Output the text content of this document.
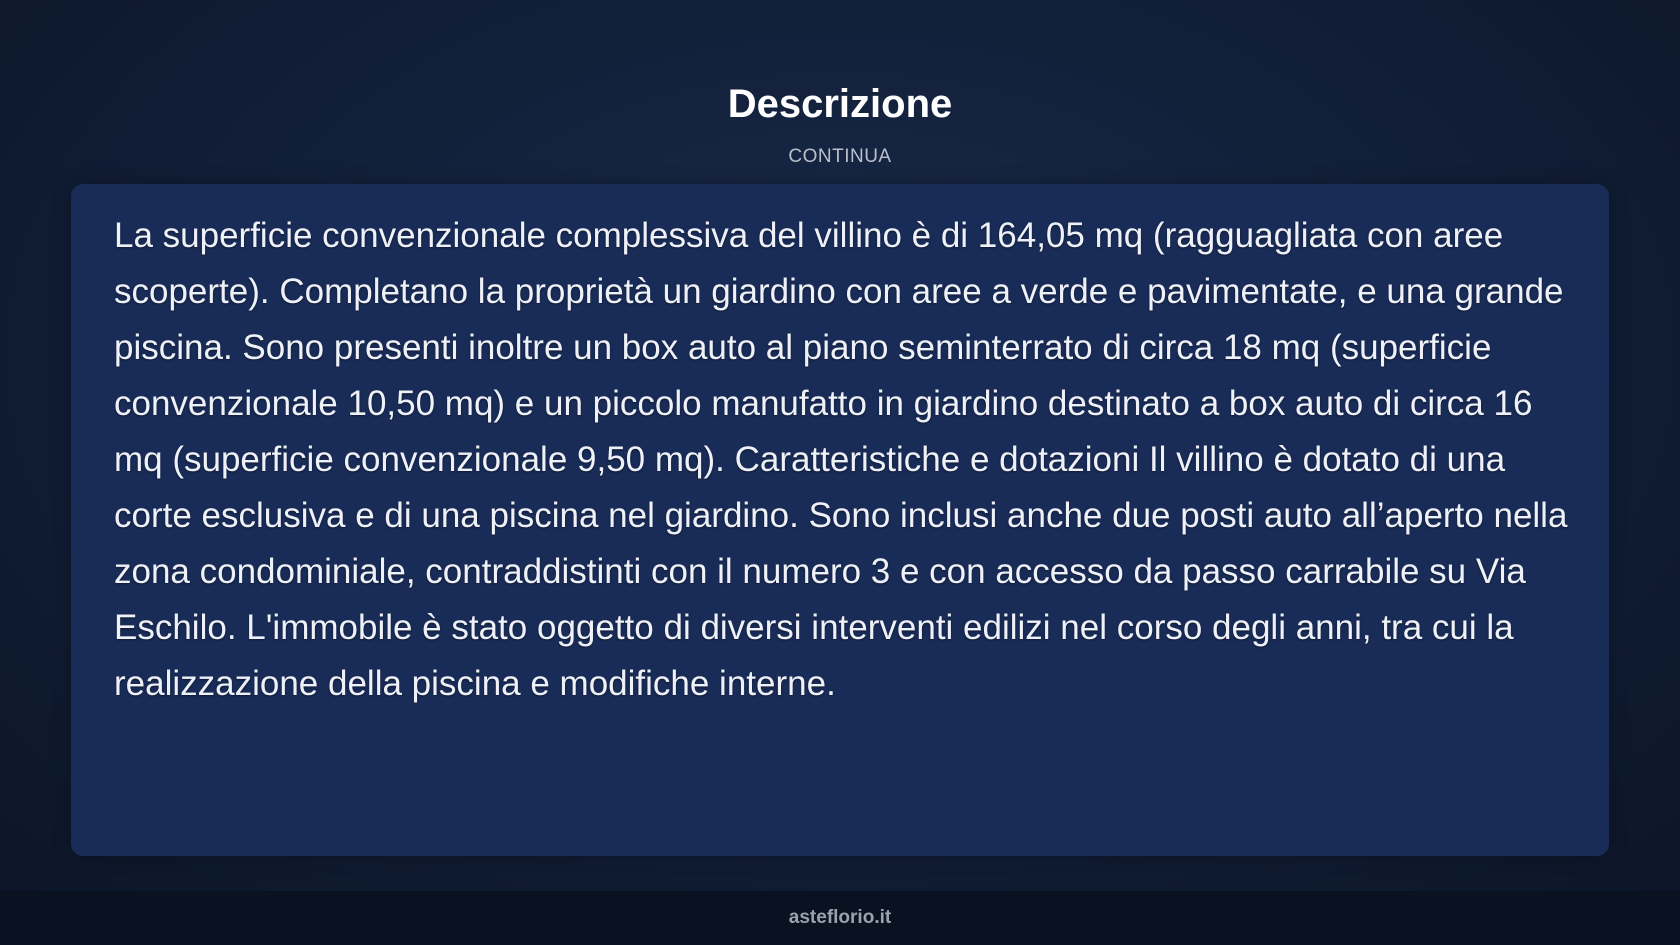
Descrizione
CONTINUA

La superficie convenzionale complessiva del villino è di 164,05 mq (ragguagliata con aree scoperte). Completano la proprietà un giardino con aree a verde e pavimentate, e una grande piscina. Sono presenti inoltre un box auto al piano seminterrato di circa 18 mq (superficie convenzionale 10,50 mq) e un piccolo manufatto in giardino destinato a box auto di circa 16 mq (superficie convenzionale 9,50 mq). Caratteristiche e dotazioni Il villino è dotato di una corte esclusiva e di una piscina nel giardino. Sono inclusi anche due posti auto all’aperto nella zona condominiale, contraddistinti con il numero 3 e con accesso da passo carrabile su Via Eschilo. L'immobile è stato oggetto di diversi interventi edilizi nel corso degli anni, tra cui la realizzazione della piscina e modifiche interne.

asteflorio.it
